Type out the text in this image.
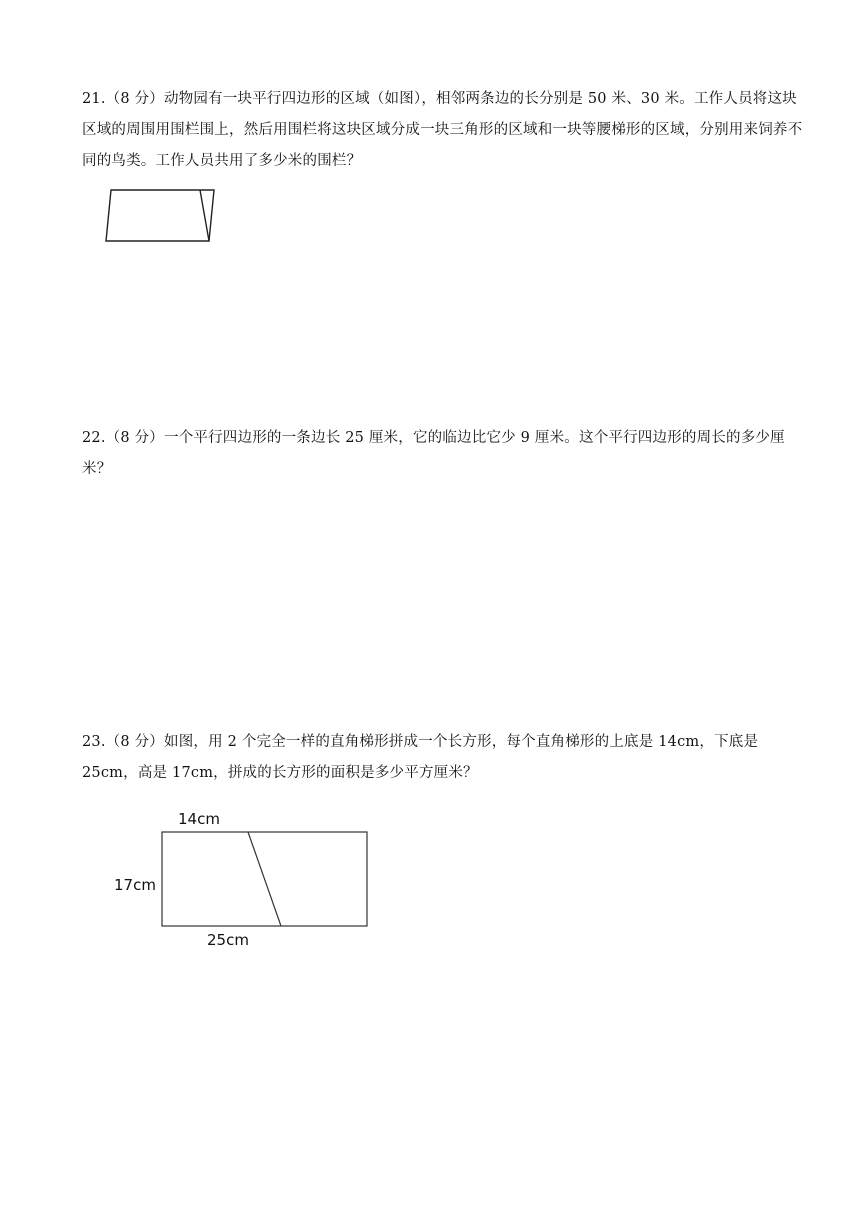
21.（8 分）动物园有一块平行四边形的区域（如图），相邻两条边的长分别是 50 米、30 米。工作人员将这块区域的周围用围栏围上，然后用围栏将这块区域分成一块三角形的区域和一块等腰梯形的区域，分别用来饲养不同的鸟类。工作人员共用了多少米的围栏？

22.（8 分）一个平行四边形的一条边长 25 厘米，它的临边比它少 9 厘米。这个平行四边形的周长的多少厘米？

23.（8 分）如图，用 2 个完全一样的直角梯形拼成一个长方形，每个直角梯形的上底是 14cm，下底是 25cm，高是 17cm，拼成的长方形的面积是多少平方厘米？

14cm
17cm
25cm
